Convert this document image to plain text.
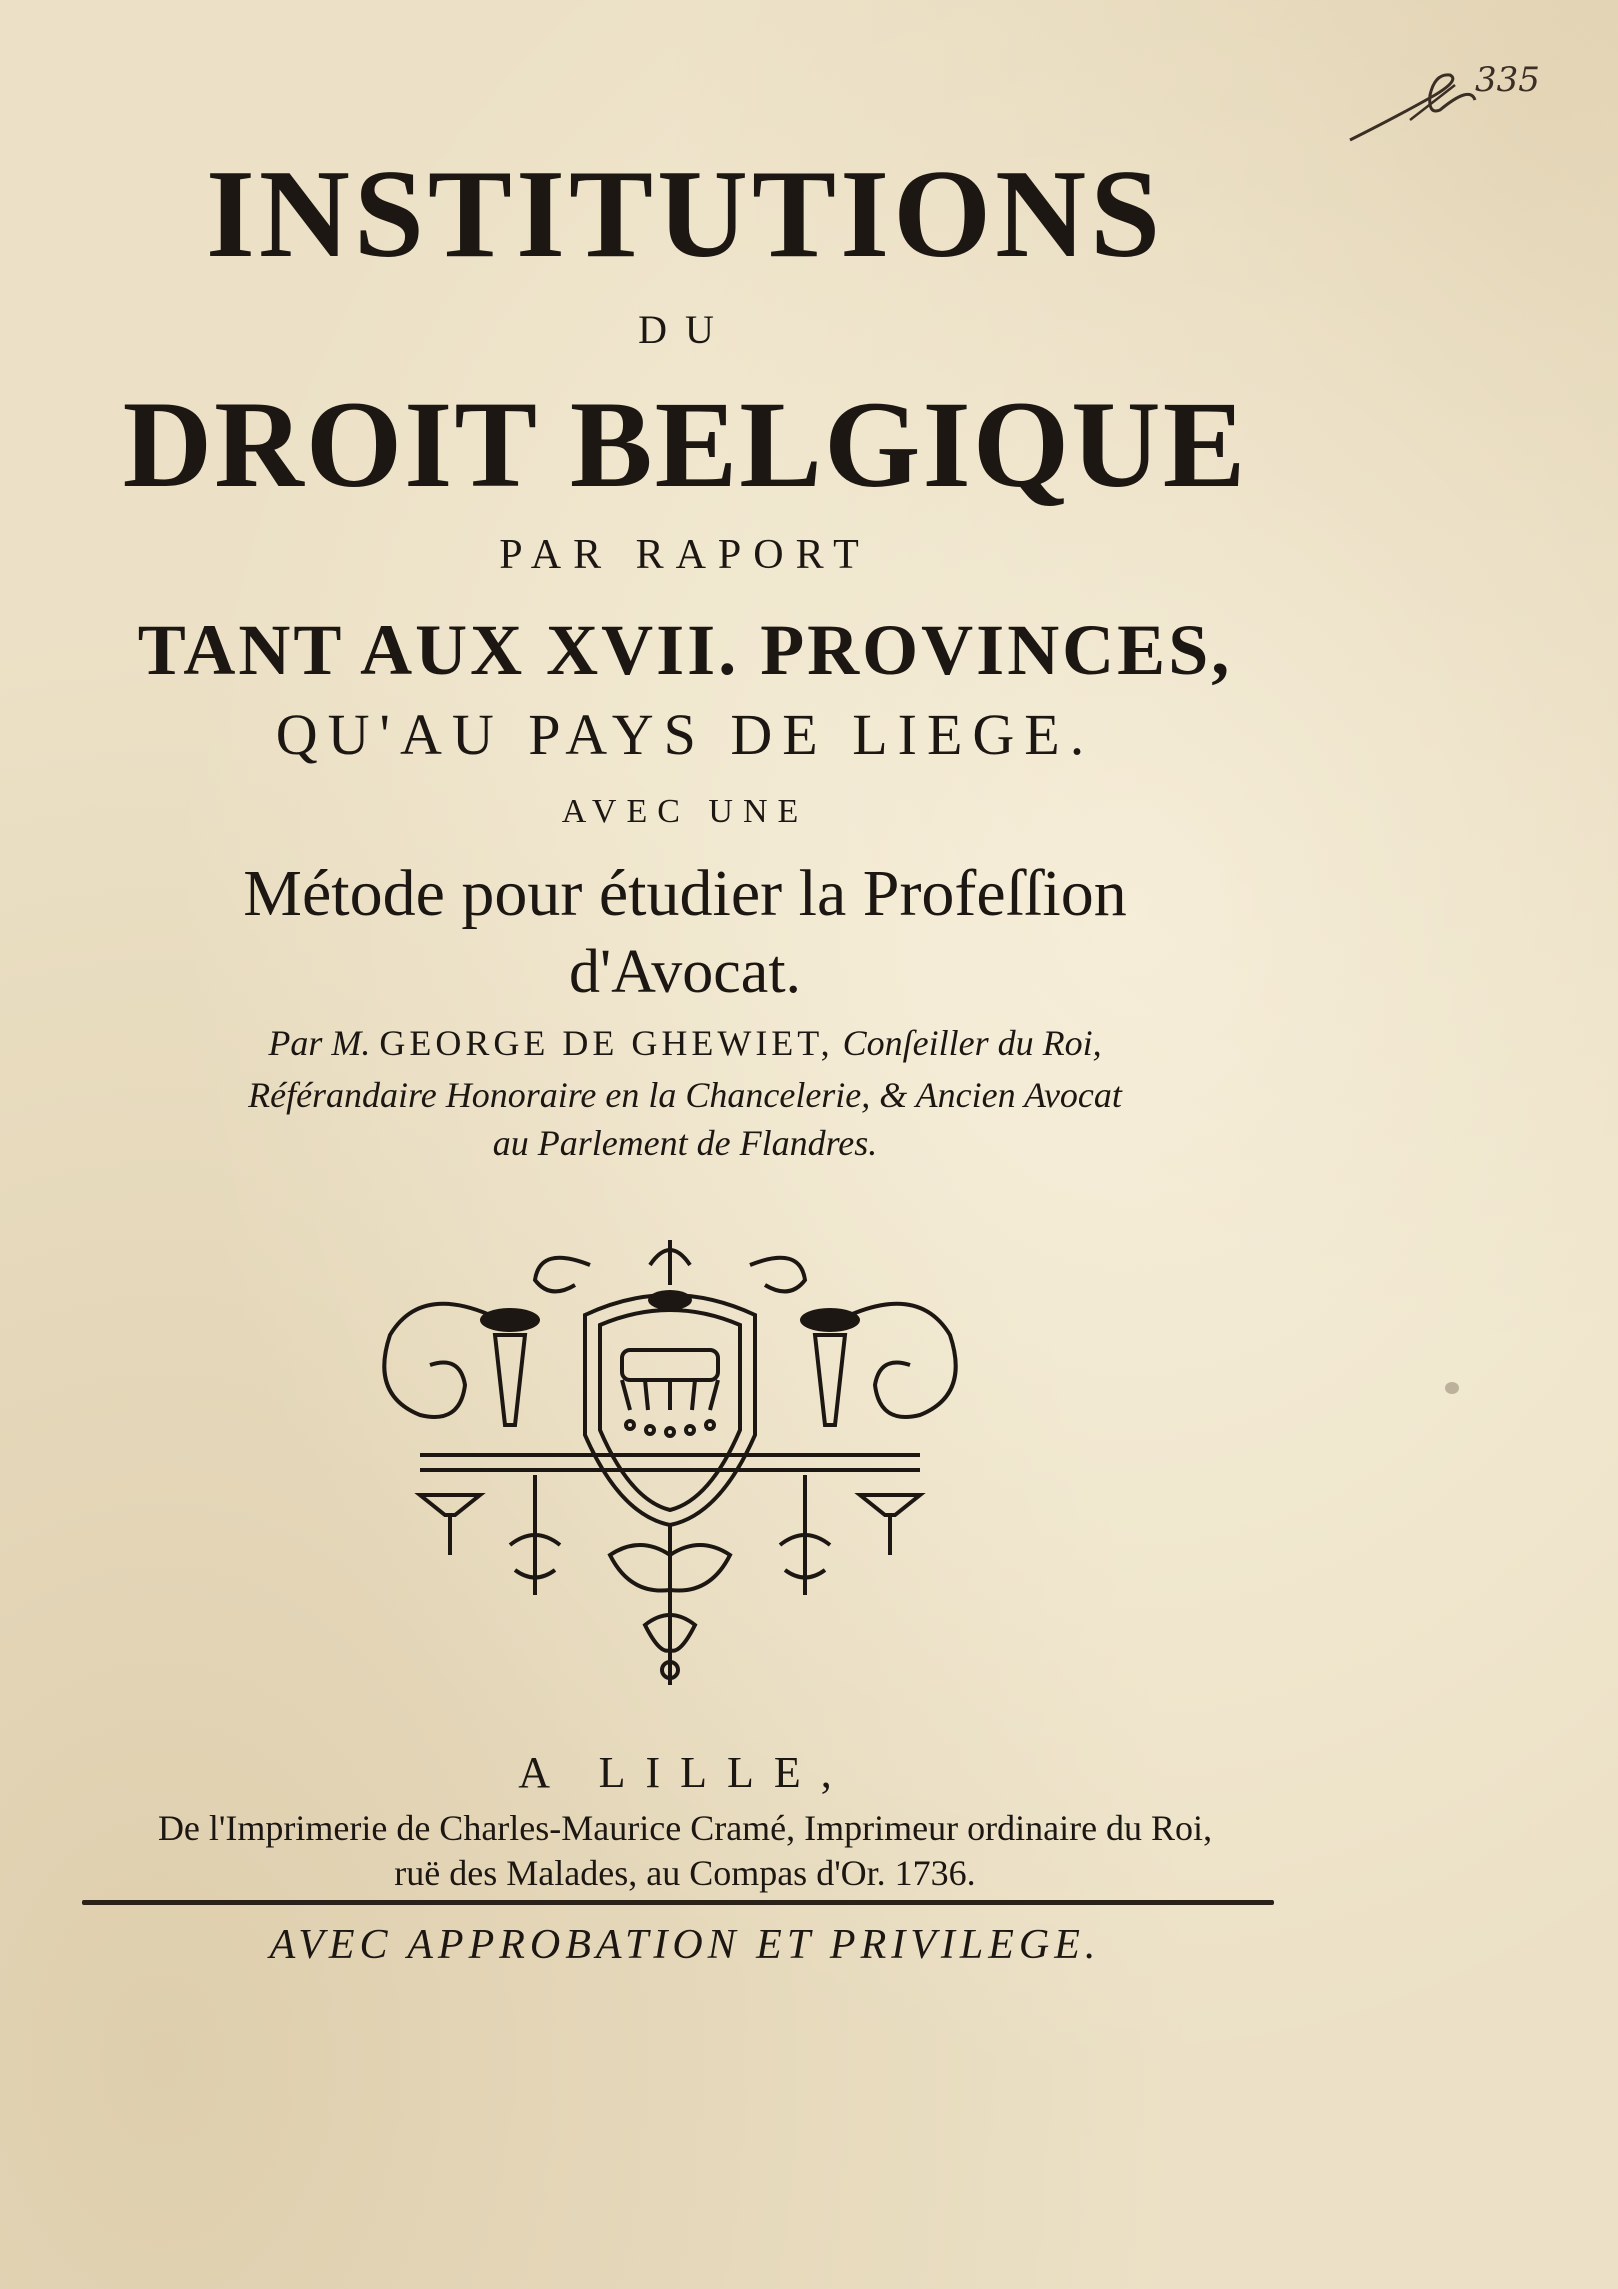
335
INSTITUTIONS
DU
DROIT BELGIQUE
PAR RAPORT
TANT AUX XVII. PROVINCES,
QU'AU PAYS DE LIEGE.
AVEC UNE
Métode pour étudier la Profeſſion
d'Avocat.
Par M. GEORGE DE GHEWIET, Conſeiller du Roi,
Référandaire Honoraire en la Chancelerie, & Ancien Avocat
au Parlement de Flandres.
A LILLE,
De l'Imprimerie de Charles-Maurice Cramé, Imprimeur ordinaire du Roi,
ruë des Malades, au Compas d'Or. 1736.
AVEC APPROBATION ET PRIVILEGE.
